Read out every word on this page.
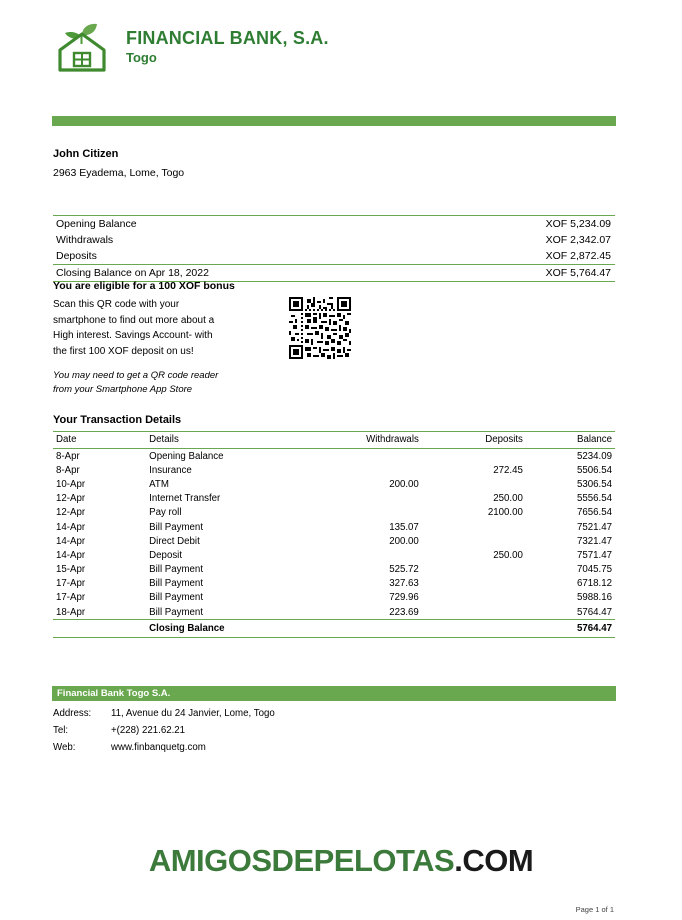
FINANCIAL BANK, S.A.
Togo
John Citizen
2963 Eyadema, Lome, Togo
Opening Balance	XOF 5,234.09
Withdrawals	XOF 2,342.07
Deposits	XOF 2,872.45
Closing Balance on Apr 18, 2022	XOF 5,764.47
You are eligible for a 100 XOF bonus
Scan this QR code with your
smartphone to find out more about a
High interest. Savings Account- with
the first 100 XOF deposit on us!
You may need to get a QR code reader
from your Smartphone App Store
Your Transaction Details
Date	Details	Withdrawals	Deposits	Balance
8-Apr	Opening Balance			5234.09
8-Apr	Insurance		272.45	5506.54
10-Apr	ATM	200.00		5306.54
12-Apr	Internet Transfer		250.00	5556.54
12-Apr	Pay roll		2100.00	7656.54
14-Apr	Bill Payment	135.07		7521.47
14-Apr	Direct Debit	200.00		7321.47
14-Apr	Deposit		250.00	7571.47
15-Apr	Bill Payment	525.72		7045.75
17-Apr	Bill Payment	327.63		6718.12
17-Apr	Bill Payment	729.96		5988.16
18-Apr	Bill Payment	223.69		5764.47
	Closing Balance			5764.47
Financial Bank Togo S.A.
Address:	11, Avenue du 24 Janvier, Lome, Togo
Tel:	+(228) 221.62.21
Web:	www.finbanquetg.com
AMIGOSDEPELOTAS.COM
Page 1 of 1
